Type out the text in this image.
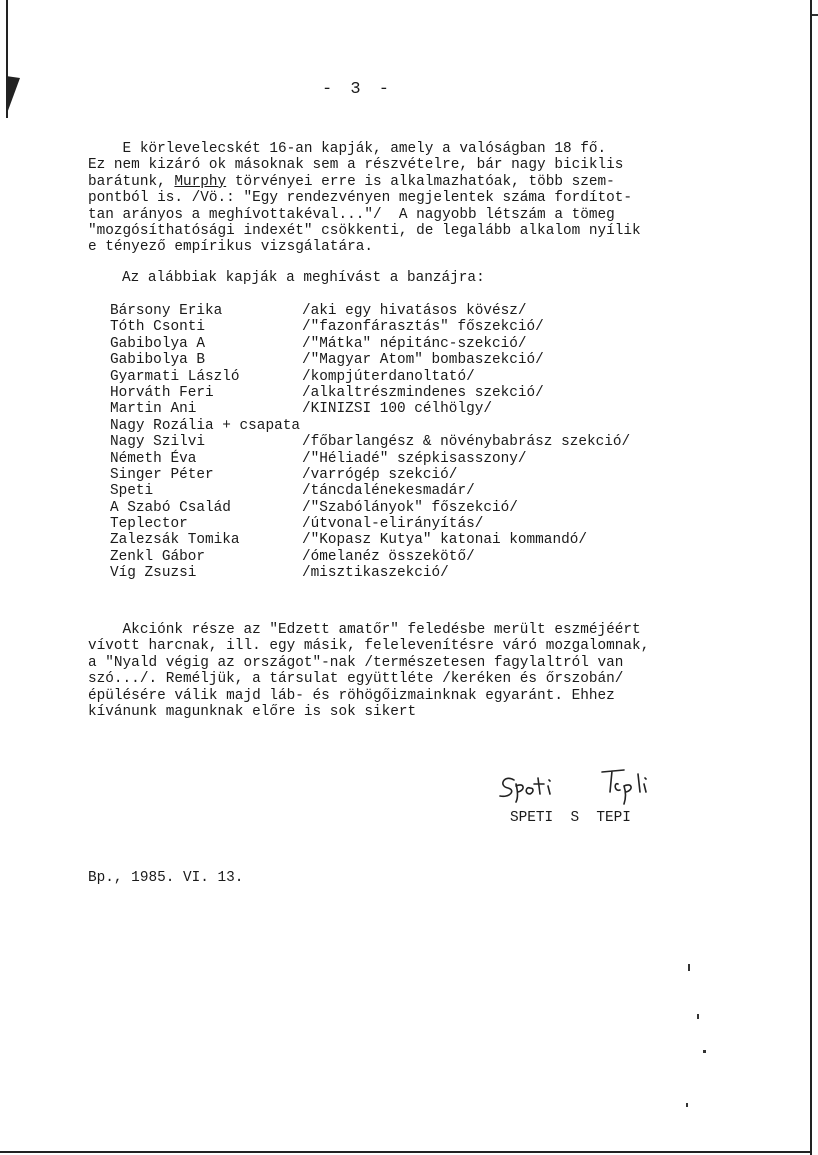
- 3 -

E körlevelecskét 16-an kapják, amely a valóságban 18 fő.
Ez nem kizáró ok másoknak sem a részvételre, bár nagy biciklis
barátunk, Murphy törvényei erre is alkalmazhatóak, több szem-
pontból is. /Vö.: "Egy rendezvényen megjelentek száma fordítot-
tan arányos a meghívottakéval..."/  A nagyobb létszám a tömeg
"mozgósíthatósági indexét" csökkenti, de legalább alkalom nyílik
e tényező empírikus vizsgálatára.

Az alábbiak kapják a meghívást a banzájra:

Bársony Erika	/aki egy hivatásos kövész/
Tóth Csonti	/"fazonfárasztás" főszekció/
Gabibolya A	/"Mátka" népitánc-szekció/
Gabibolya B	/"Magyar Atom" bombaszekció/
Gyarmati László	/kompjúterdanoltató/
Horváth Feri	/alkaltrészmindenes szekció/
Martin Ani	/KINIZSI 100 célhölgy/
Nagy Rozália + csapata
Nagy Szilvi	/főbarlangész & növénybabrász szekció/
Németh Éva	/"Héliadé" szépkisasszony/
Singer Péter	/varrógép szekció/
Speti	/táncdalénekesmadár/
A Szabó Család	/"Szabólányok" főszekció/
Teplector	/útvonal-elirányítás/
Zalezsák Tomika	/"Kopasz Kutya" katonai kommandó/
Zenkl Gábor	/ómelanéz összekötő/
Víg Zsuzsi	/misztikaszekció/

Akciónk része az "Edzett amatőr" feledésbe merült eszméjéért
vívott harcnak, ill. egy másik, felelevenítésre váró mozgalomnak,
a "Nyald végig az országot"-nak /természetesen fagylaltról van
szó.../. Reméljük, a társulat együttléte /keréken és őrszobán/
épülésére válik majd láb- és röhögőizmainknak egyaránt. Ehhez
kívánunk magunknak előre is sok sikert

SPETI  S  TEPI
Bp., 1985. VI. 13.
